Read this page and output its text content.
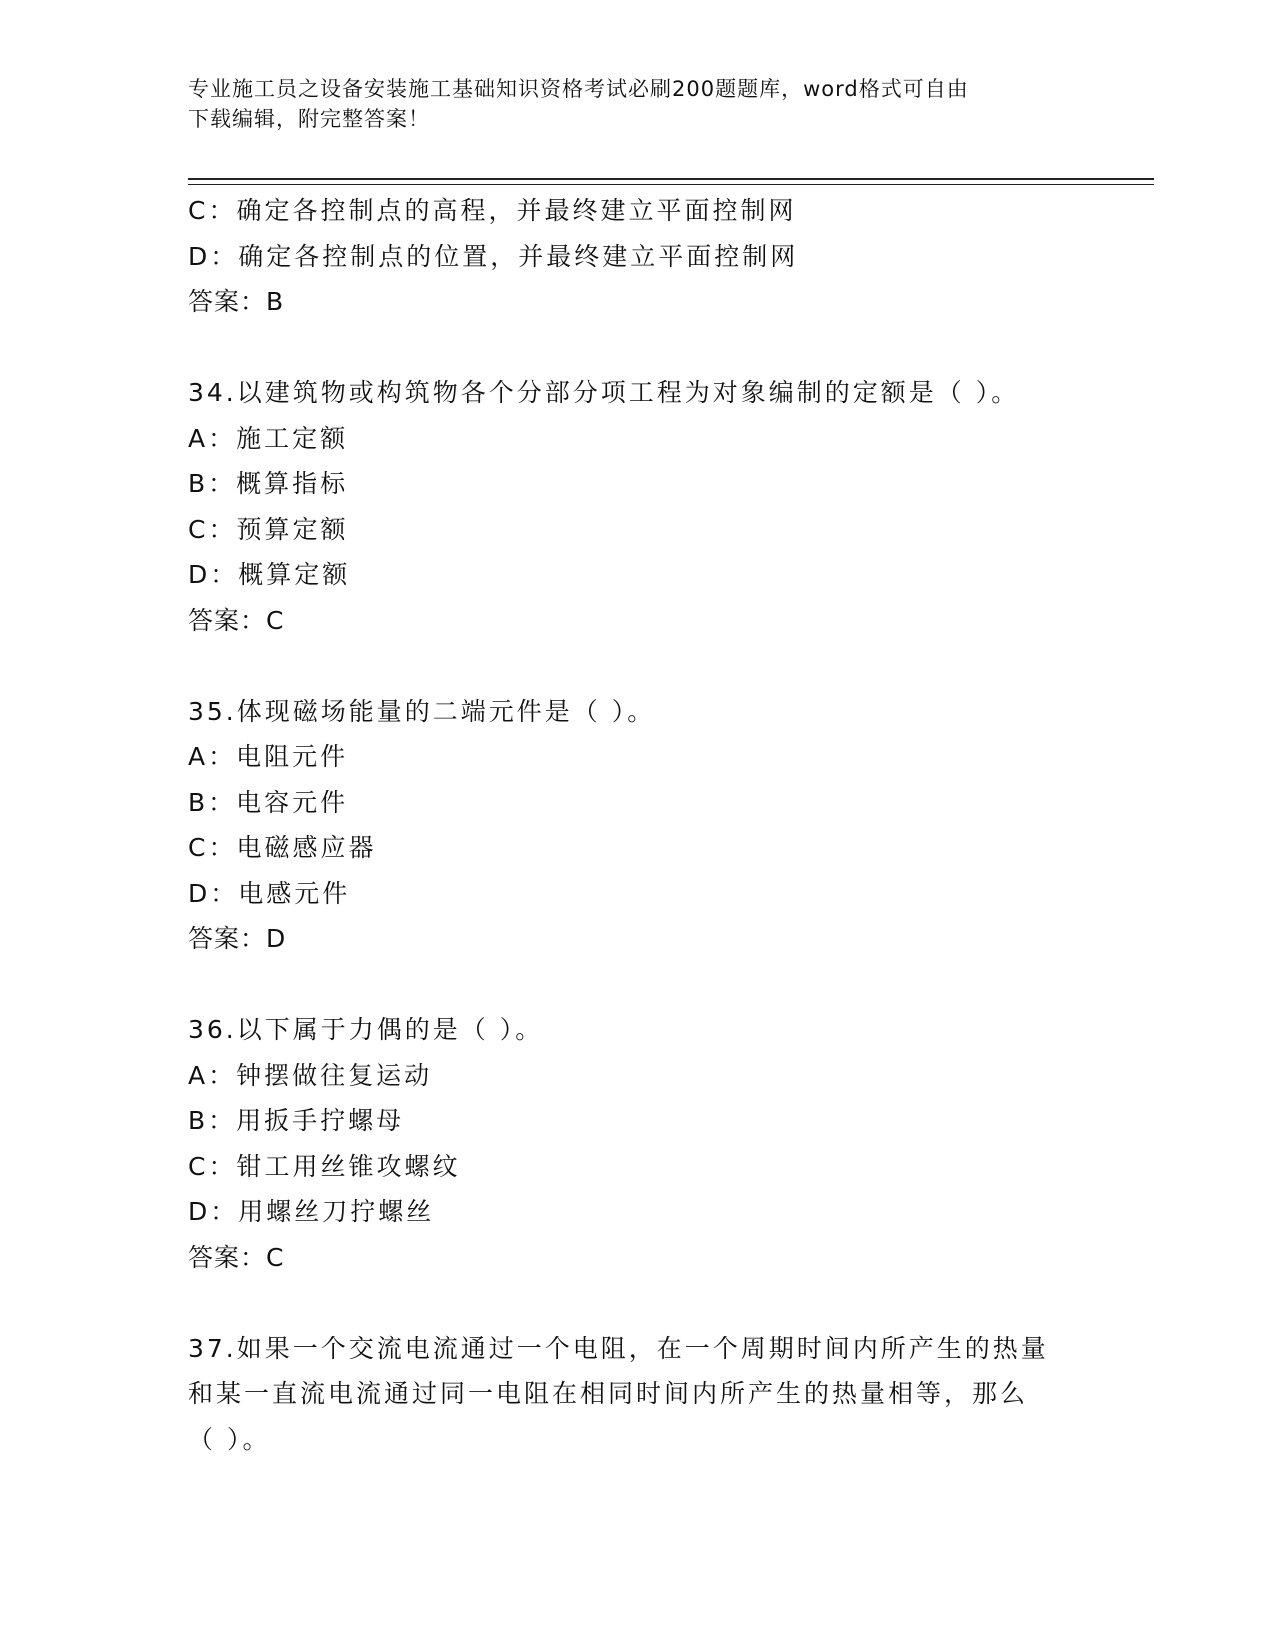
专业施工员之设备安装施工基础知识资格考试必刷200题题库，word格式可自由
下载编辑，附完整答案！
C：确定各控制点的高程，并最终建立平面控制网
D：确定各控制点的位置，并最终建立平面控制网
答案：B
34.以建筑物或构筑物各个分部分项工程为对象编制的定额是（ ）。
A：施工定额
B：概算指标
C：预算定额
D：概算定额
答案：C
35.体现磁场能量的二端元件是（ ）。
A：电阻元件
B：电容元件
C：电磁感应器
D：电感元件
答案：D
36.以下属于力偶的是（ ）。
A：钟摆做往复运动
B：用扳手拧螺母
C：钳工用丝锥攻螺纹
D：用螺丝刀拧螺丝
答案：C
37.如果一个交流电流通过一个电阻，在一个周期时间内所产生的热量
和某一直流电流通过同一电阻在相同时间内所产生的热量相等，那么
（ ）。
